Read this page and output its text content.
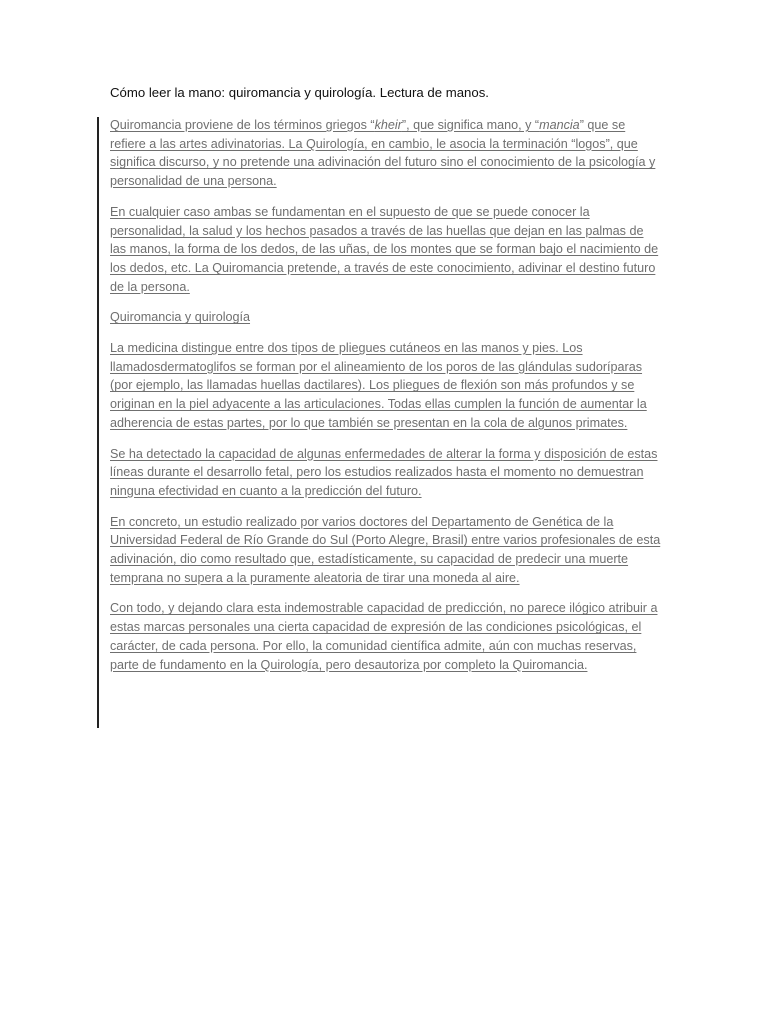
Cómo leer la mano: quiromancia y quirología. Lectura de manos.

Quiromancia proviene de los términos griegos “kheir”, que significa mano, y “mancia” que se refiere a las artes adivinatorias. La Quirología, en cambio, le asocia la terminación “logos”, que significa discurso, y no pretende una adivinación del futuro sino el conocimiento de la psicología y personalidad de una persona.

En cualquier caso ambas se fundamentan en el supuesto de que se puede conocer la personalidad, la salud y los hechos pasados a través de las huellas que dejan en las palmas de las manos, la forma de los dedos, de las uñas, de los montes que se forman bajo el nacimiento de los dedos, etc. La Quiromancia pretende, a través de este conocimiento, adivinar el destino futuro de la persona.

Quiromancia y quirología

La medicina distingue entre dos tipos de pliegues cutáneos en las manos y pies. Los llamadosdermatoglifos se forman por el alineamiento de los poros de las glándulas sudoríparas (por ejemplo, las llamadas huellas dactilares). Los pliegues de flexión son más profundos y se originan en la piel adyacente a las articulaciones. Todas ellas cumplen la función de aumentar la adherencia de estas partes, por lo que también se presentan en la cola de algunos primates.

Se ha detectado la capacidad de algunas enfermedades de alterar la forma y disposición de estas líneas durante el desarrollo fetal, pero los estudios realizados hasta el momento no demuestran ninguna efectividad en cuanto a la predicción del futuro.

En concreto, un estudio realizado por varios doctores del Departamento de Genética de la Universidad Federal de Río Grande do Sul (Porto Alegre, Brasil) entre varios profesionales de esta adivinación, dio como resultado que, estadísticamente, su capacidad de predecir una muerte temprana no supera a la puramente aleatoria de tirar una moneda al aire.

Con todo, y dejando clara esta indemostrable capacidad de predicción, no parece ilógico atribuir a estas marcas personales una cierta capacidad de expresión de las condiciones psicológicas, el carácter, de cada persona. Por ello, la comunidad científica admite, aún con muchas reservas, parte de fundamento en la Quirología, pero desautoriza por completo la Quiromancia.
